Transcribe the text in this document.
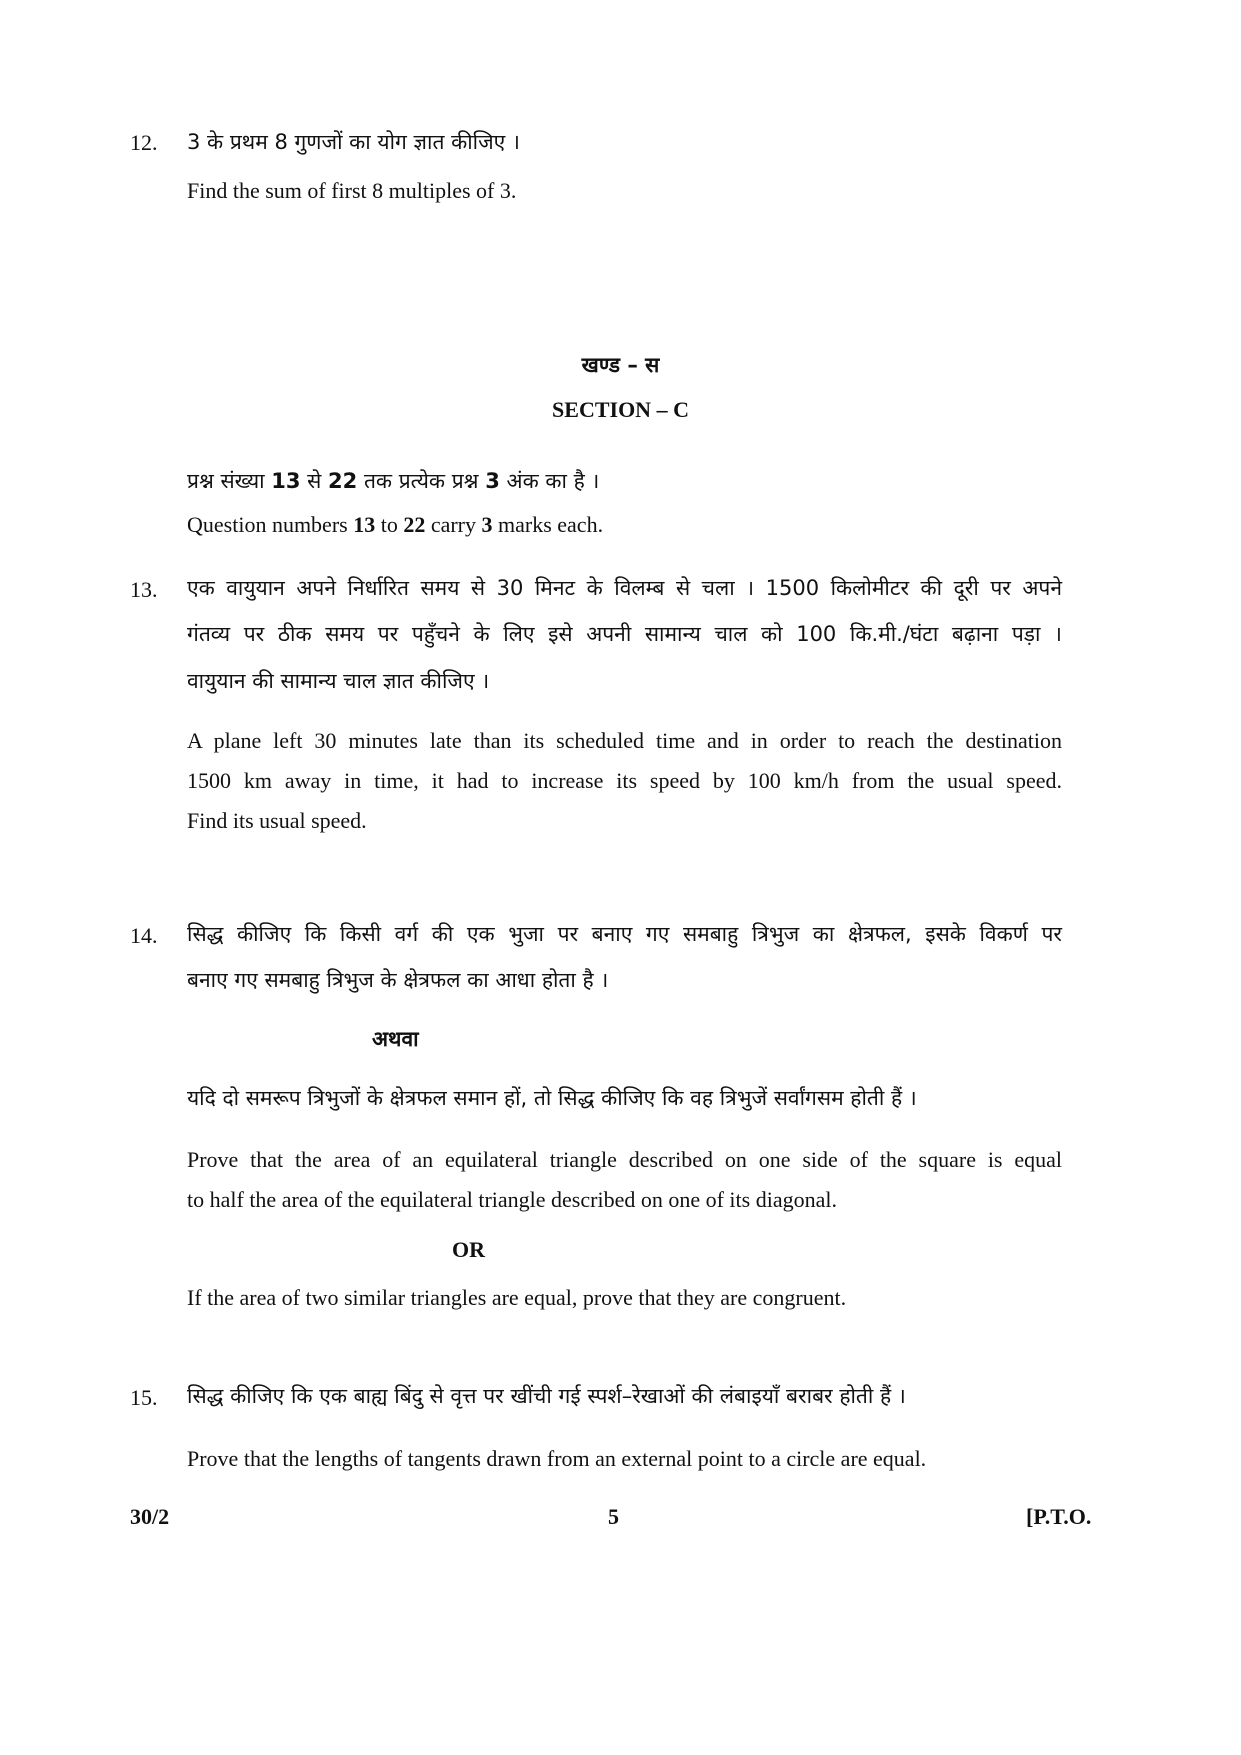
12. 3 के प्रथम 8 गुणजों का योग ज्ञात कीजिए ।
Find the sum of first 8 multiples of 3.
खण्ड – स
SECTION – C
प्रश्न संख्या 13 से 22 तक प्रत्येक प्रश्न 3 अंक का है ।
Question numbers 13 to 22 carry 3 marks each.
13. एक वायुयान अपने निर्धारित समय से 30 मिनट के विलम्ब से चला । 1500 किलोमीटर की दूरी पर अपने
गंतव्य पर ठीक समय पर पहुँचने के लिए इसे अपनी सामान्य चाल को 100 कि.मी./घंटा बढ़ाना पड़ा ।
वायुयान की सामान्य चाल ज्ञात कीजिए ।
A plane left 30 minutes late than its scheduled time and in order to reach the destination
1500 km away in time, it had to increase its speed by 100 km/h from the usual speed.
Find its usual speed.
14. सिद्ध कीजिए कि किसी वर्ग की एक भुजा पर बनाए गए समबाहु त्रिभुज का क्षेत्रफल, इसके विकर्ण पर
बनाए गए समबाहु त्रिभुज के क्षेत्रफल का आधा होता है ।
अथवा
यदि दो समरूप त्रिभुजों के क्षेत्रफल समान हों, तो सिद्ध कीजिए कि वह त्रिभुजें सर्वांगसम होती हैं ।
Prove that the area of an equilateral triangle described on one side of the square is equal
to half the area of the equilateral triangle described on one of its diagonal.
OR
If the area of two similar triangles are equal, prove that they are congruent.
15. सिद्ध कीजिए कि एक बाह्य बिंदु से वृत्त पर खींची गई स्पर्श–रेखाओं की लंबाइयाँ बराबर होती हैं ।
Prove that the lengths of tangents drawn from an external point to a circle are equal.
30/2	5	[P.T.O.
